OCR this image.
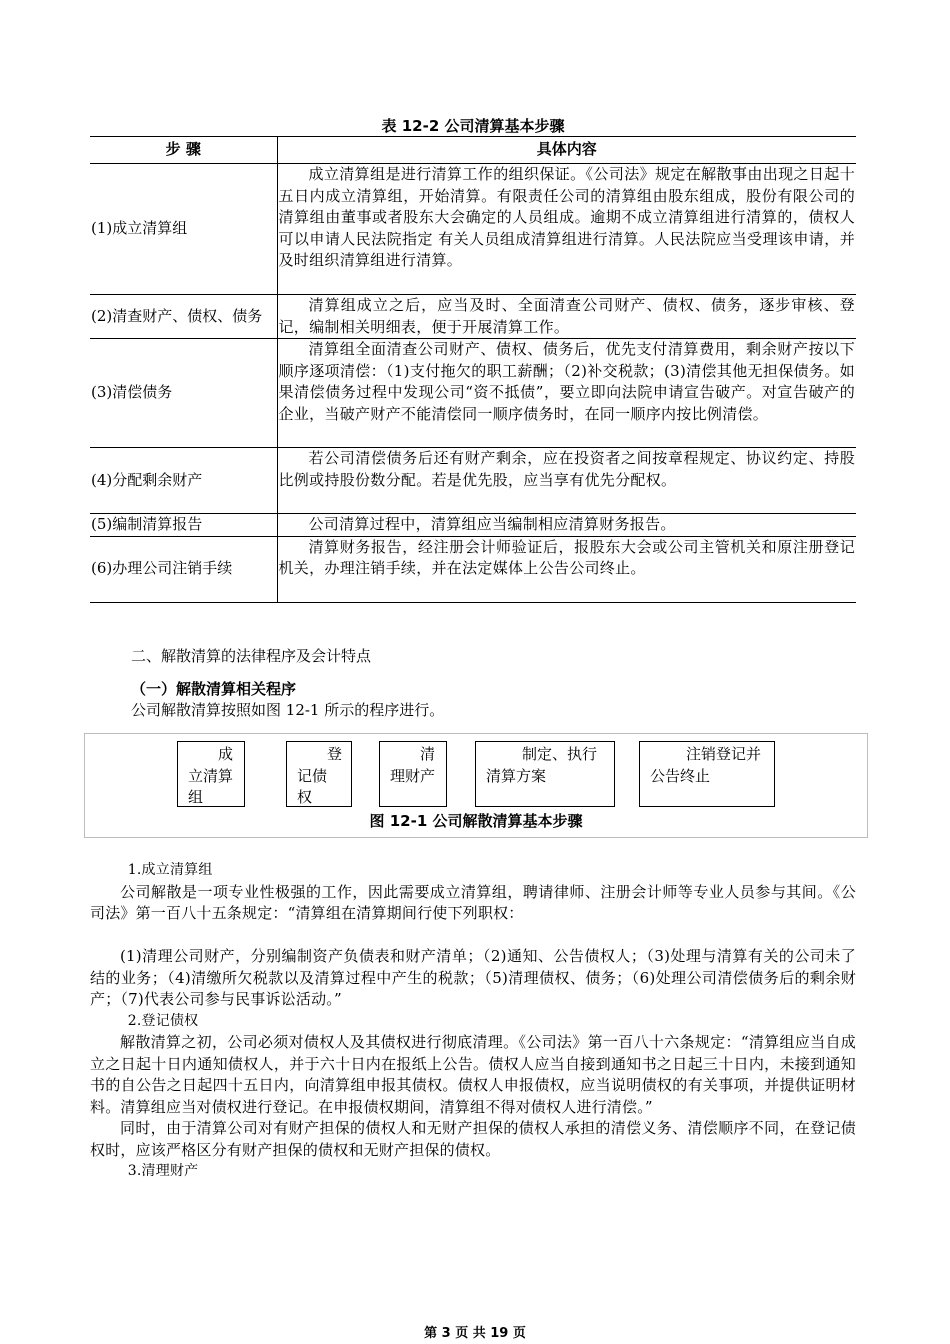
表 12-2 公司清算基本步骤
步 骤	具体内容
(1)成立清算组	成立清算组是进行清算工作的组织保证。《公司法》规定在解散事由出现之日起十五日内成立清算组，开始清算。有限责任公司的清算组由股东组成，股份有限公司的清算组由董事或者股东大会确定的人员组成。逾期不成立清算组进行清算的，债权人可以申请人民法院指定 有关人员组成清算组进行清算。人民法院应当受理该申请，并及时组织清算组进行清算。
(2)清查财产、债权、债务	清算组成立之后，应当及时、全面清查公司财产、债权、债务，逐步审核、登记，编制相关明细表，便于开展清算工作。
(3)清偿债务	清算组全面清查公司财产、债权、债务后，优先支付清算费用，剩余财产按以下顺序逐项清偿：（1)支付拖欠的职工薪酬；（2)补交税款；(3)清偿其他无担保债务。如果清偿债务过程中发现公司“资不抵债”，要立即向法院申请宣告破产。对宣告破产的企业，当破产财产不能清偿同一顺序债务时，在同一顺序内按比例清偿。
(4)分配剩余财产	若公司清偿债务后还有财产剩余，应在投资者之间按章程规定、协议约定、持股比例或持股份数分配。若是优先股，应当享有优先分配权。
(5)编制清算报告	公司清算过程中，清算组应当编制相应清算财务报告。
(6)办理公司注销手续	清算财务报告，经注册会计师验证后，报股东大会或公司主管机关和原注册登记机关，办理注销手续，并在法定媒体上公告公司终止。
二、解散清算的法律程序及会计特点
（一）解散清算相关程序
公司解散清算按照如图 12-1 所示的程序进行。
成立清算组
登记债权
清理财产
制定、执行清算方案
注销登记并公告终止
图 12-1 公司解散清算基本步骤

1.成立清算组

公司解散是一项专业性极强的工作，因此需要成立清算组，聘请律师、注册会计师等专业人员参与其间。《公司法》第一百八十五条规定：“清算组在清算期间行使下列职权：

(1)清理公司财产，分别编制资产负债表和财产清单；（2)通知、公告债权人；（3)处理与清算有关的公司未了结的业务；（4)清缴所欠税款以及清算过程中产生的税款；（5)清理债权、债务；（6)处理公司清偿债务后的剩余财产；（7)代表公司参与民事诉讼活动。”

2.登记债权

解散清算之初，公司必须对债权人及其债权进行彻底清理。《公司法》第一百八十六条规定：“清算组应当自成立之日起十日内通知债权人，并于六十日内在报纸上公告。债权人应当自接到通知书之日起三十日内，未接到通知书的自公告之日起四十五日内，向清算组申报其债权。债权人申报债权，应当说明债权的有关事项，并提供证明材料。清算组应当对债权进行登记。在申报债权期间，清算组不得对债权人进行清偿。”

同时，由于清算公司对有财产担保的债权人和无财产担保的债权人承担的清偿义务、清偿顺序不同，在登记债权时，应该严格区分有财产担保的债权和无财产担保的债权。

3.清理财产

第 3 页 共 19 页
